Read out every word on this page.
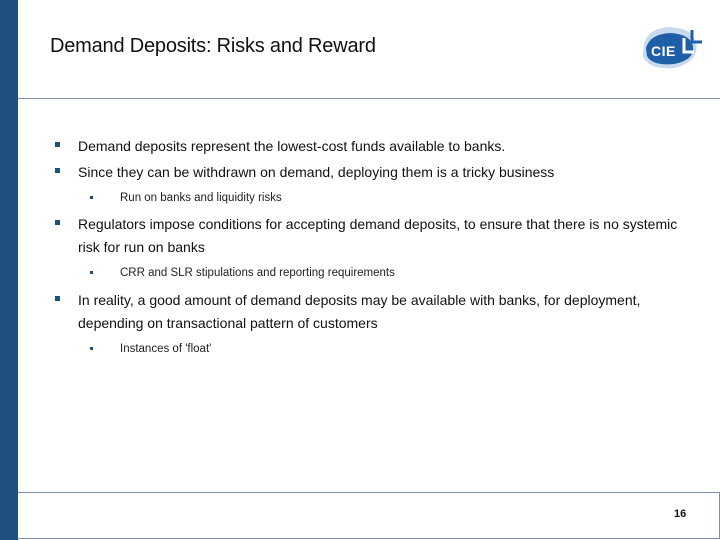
Demand Deposits: Risks and Reward	CIE
Demand deposits represent the lowest-cost funds available to banks.
Since they can be withdrawn on demand, deploying them is a tricky business
Run on banks and liquidity risks
Regulators impose conditions for accepting demand deposits, to ensure that there is no systemic risk for run on banks
CRR and SLR stipulations and reporting requirements
In reality, a good amount of demand deposits may be available with banks, for deployment, depending on transactional pattern of customers
Instances of 'float'
16
